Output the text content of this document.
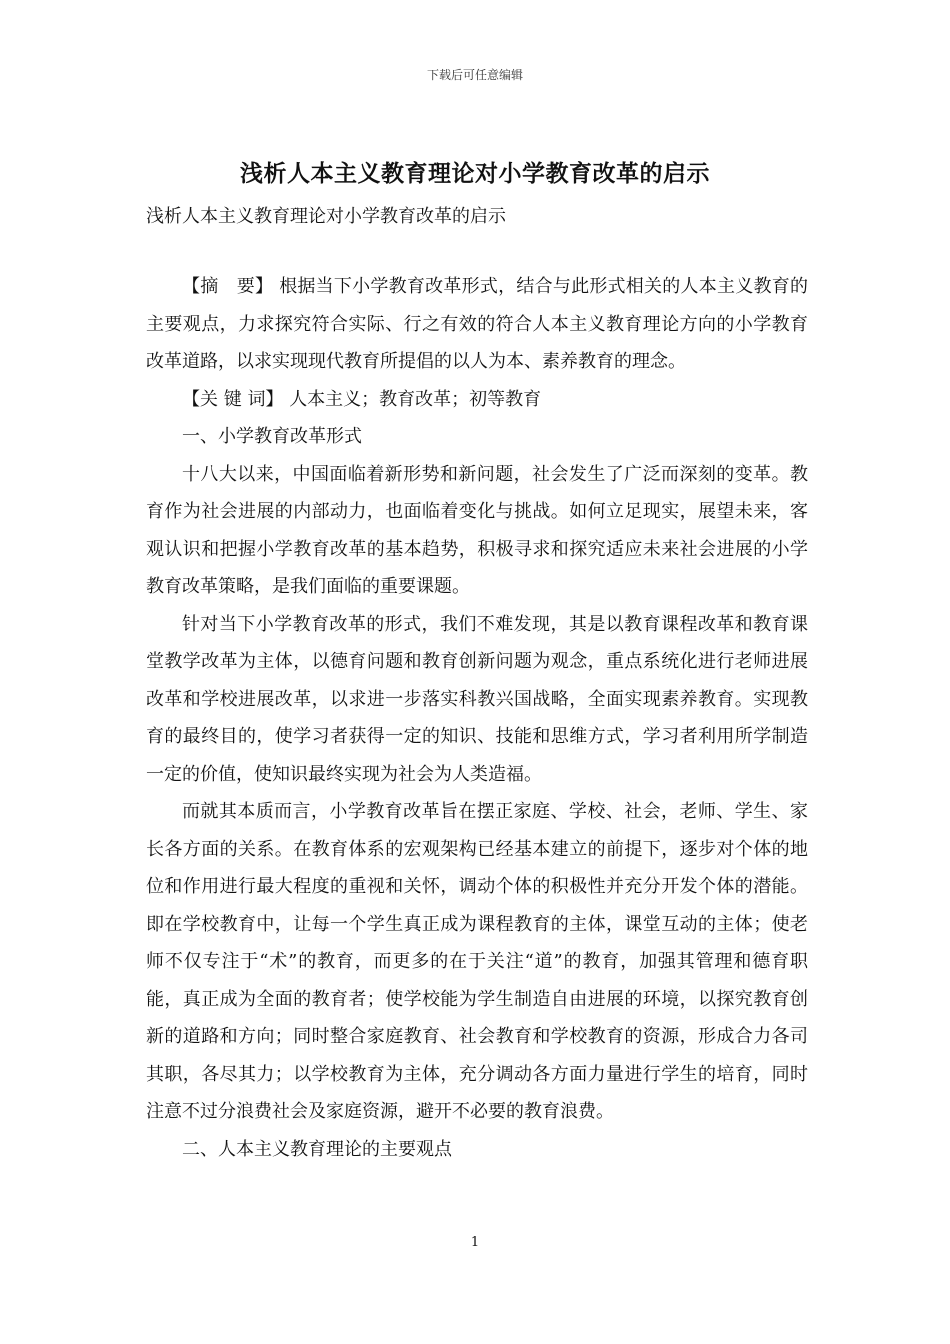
下载后可任意编辑
浅析人本主义教育理论对小学教育改革的启示
浅析人本主义教育理论对小学教育改革的启示

【摘　要】 根据当下小学教育改革形式，结合与此形式相关的人本主义教育的主要观点，力求探究符合实际、行之有效的符合人本主义教育理论方向的小学教育改革道路，以求实现现代教育所提倡的以人为本、素养教育的理念。

【关 键 词】 人本主义；教育改革；初等教育

一、小学教育改革形式

十八大以来，中国面临着新形势和新问题，社会发生了广泛而深刻的变革。教育作为社会进展的内部动力，也面临着变化与挑战。如何立足现实，展望未来，客观认识和把握小学教育改革的基本趋势，积极寻求和探究适应未来社会进展的小学教育改革策略，是我们面临的重要课题。

针对当下小学教育改革的形式，我们不难发现，其是以教育课程改革和教育课堂教学改革为主体，以德育问题和教育创新问题为观念，重点系统化进行老师进展改革和学校进展改革，以求进一步落实科教兴国战略，全面实现素养教育。实现教育的最终目的，使学习者获得一定的知识、技能和思维方式，学习者利用所学制造一定的价值，使知识最终实现为社会为人类造福。

而就其本质而言，小学教育改革旨在摆正家庭、学校、社会，老师、学生、家长各方面的关系。在教育体系的宏观架构已经基本建立的前提下，逐步对个体的地位和作用进行最大程度的重视和关怀，调动个体的积极性并充分开发个体的潜能。即在学校教育中，让每一个学生真正成为课程教育的主体，课堂互动的主体；使老师不仅专注于“术”的教育，而更多的在于关注“道”的教育，加强其管理和德育职能，真正成为全面的教育者；使学校能为学生制造自由进展的环境，以探究教育创新的道路和方向；同时整合家庭教育、社会教育和学校教育的资源，形成合力各司其职，各尽其力；以学校教育为主体，充分调动各方面力量进行学生的培育，同时注意不过分浪费社会及家庭资源，避开不必要的教育浪费。

二、人本主义教育理论的主要观点

1
